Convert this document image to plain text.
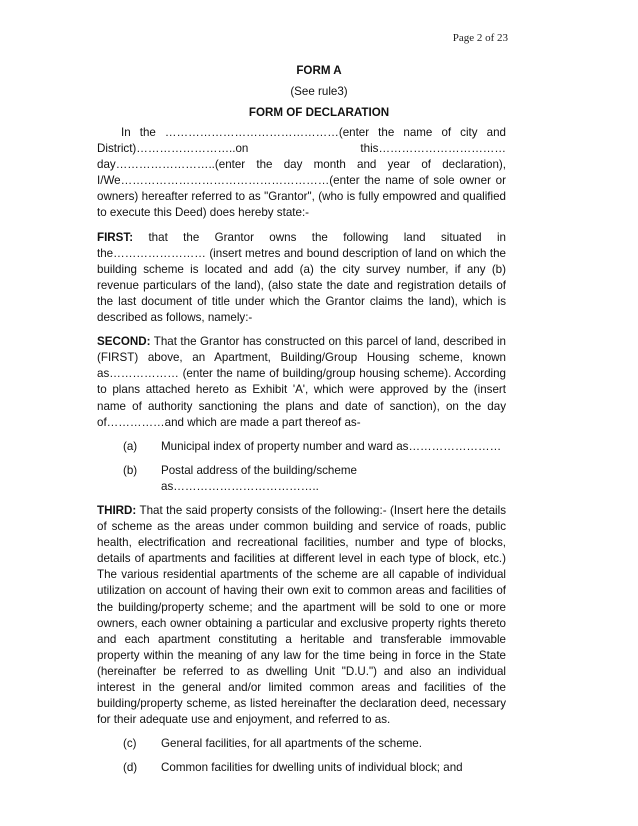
Page 2 of 23
FORM A
(See rule3)
FORM OF DECLARATION

In the ………………………………………(enter the name of city and District)……………………..on this……………………………day……………………..(enter the day month and year of declaration), I/We………………………………………………(enter the name of sole owner or owners) hereafter referred to as "Grantor", (who is fully empowred and qualified to execute this Deed) does hereby state:-

FIRST: that the Grantor owns the following land situated in the…………………… (insert metres and bound description of land on which the building scheme is located and add (a) the city survey number, if any (b) revenue particulars of the land), (also state the date and registration details of the last document of title under which the Grantor claims the land), which is described as follows, namely:-

SECOND: That the Grantor has constructed on this parcel of land, described in (FIRST) above, an Apartment, Building/Group Housing scheme, known as……………… (enter the name of building/group housing scheme). According to plans attached hereto as Exhibit 'A', which were approved by the (insert name of authority sanctioning the plans and date of sanction), on the day of……………and which are made a part thereof as-

(a)	Municipal index of property number and ward as……………………
(b)	Postal address of the building/scheme as………………………………..

THIRD: That the said property consists of the following:- (Insert here the details of scheme as the areas under common building and service of roads, public health, electrification and recreational facilities, number and type of blocks, details of apartments and facilities at different level in each type of block, etc.) The various residential apartments of the scheme are all capable of individual utilization on account of having their own exit to common areas and facilities of the building/property scheme; and the apartment will be sold to one or more owners, each owner obtaining a particular and exclusive property rights thereto and each apartment constituting a heritable and transferable immovable property within the meaning of any law for the time being in force in the State (hereinafter be referred to as dwelling Unit "D.U.") and also an individual interest in the general and/or limited common areas and facilities of the building/property scheme, as listed hereinafter the declaration deed, necessary for their adequate use and enjoyment, and referred to as.

(c)	General facilities, for all apartments of the scheme.
(d)	Common facilities for dwelling units of individual block; and
